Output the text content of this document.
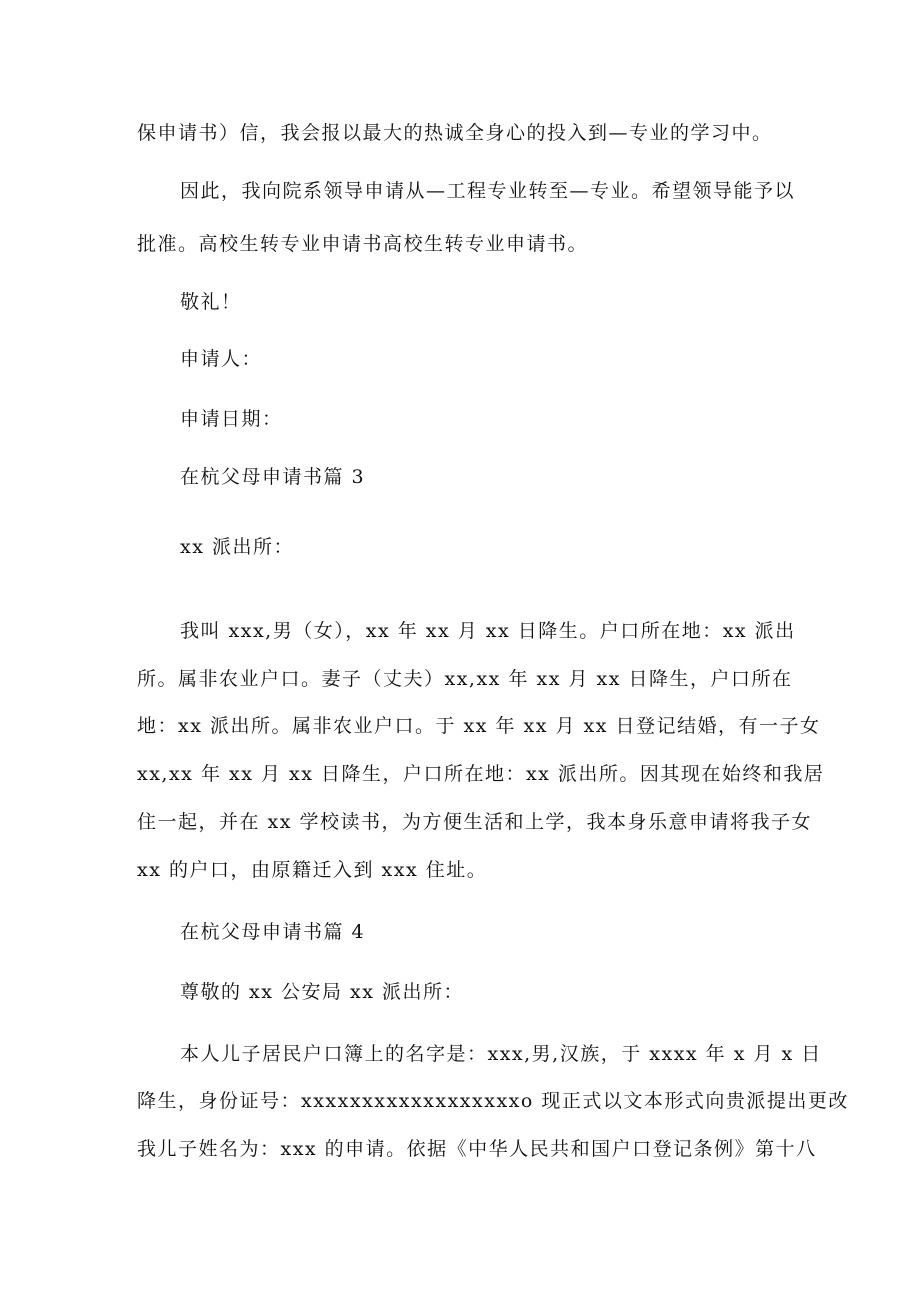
保申请书）信，我会报以最大的热诚全身心的投入到—专业的学习中。
因此，我向院系领导申请从—工程专业转至—专业。希望领导能予以
批准。高校生转专业申请书高校生转专业申请书。
敬礼！
申请人：
申请日期：
在杭父母申请书篇 3
xx 派出所：
我叫 xxx,男（女），xx 年 xx 月 xx 日降生。户口所在地：xx 派出
所。属非农业户口。妻子（丈夫）xx,xx 年 xx 月 xx 日降生，户口所在
地：xx 派出所。属非农业户口。于 xx 年 xx 月 xx 日登记结婚，有一子女
xx,xx 年 xx 月 xx 日降生，户口所在地：xx 派出所。因其现在始终和我居
住一起，并在 xx 学校读书，为方便生活和上学，我本身乐意申请将我子女
xx 的户口，由原籍迁入到 xxx 住址。
在杭父母申请书篇 4
尊敬的 xx 公安局 xx 派出所：
本人儿子居民户口簿上的名字是：xxx,男,汉族，于 xxxx 年 x 月 x 日
降生，身份证号：xxxxxxxxxxxxxxxxxxo 现正式以文本形式向贵派提出更改
我儿子姓名为：xxx 的申请。依据《中华人民共和国户口登记条例》第十八
